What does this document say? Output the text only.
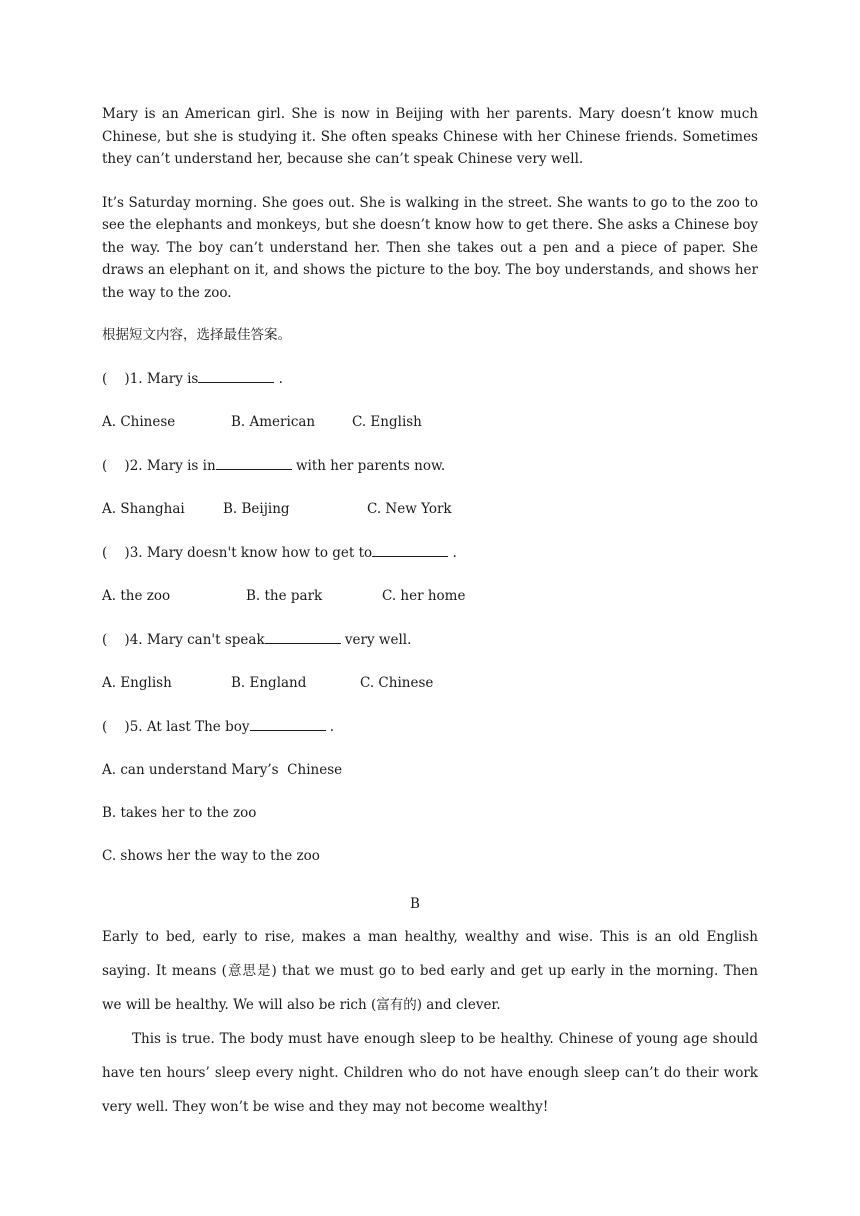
Mary is an American girl. She is now in Beijing with her parents. Mary doesn’t know much Chinese, but she is studying it. She often speaks Chinese with her Chinese friends. Sometimes they can’t understand her, because she can’t speak Chinese very well.

It’s Saturday morning. She goes out. She is walking in the street. She wants to go to the zoo to see the elephants and monkeys, but she doesn’t know how to get there. She asks a Chinese boy the way. The boy can’t understand her. Then she takes out a pen and a piece of paper. She draws an elephant on it, and shows the picture to the boy. The boy understands, and shows her the way to the zoo.

根据短文内容，选择最佳答案。

(    )1. Mary is	.

A. Chinese	B. American	C. English

(    )2. Mary is in	with her parents now.

A. Shanghai	B. Beijing	C. New York

(    )3. Mary doesn't know how to get to	.

A. the zoo	B. the park	C. her home

(    )4. Mary can't speak	very well.

A. English	B. England	C. Chinese

(    )5. At last The boy	.

A. can understand Mary’s  Chinese

B. takes her to the zoo

C. shows her the way to the zoo

B

Early to bed, early to rise, makes a man healthy, wealthy and wise. This is an old English saying. It means (意思是) that we must go to bed early and get up early in the morning. Then we will be healthy. We will also be rich (富有的) and clever.

This is true. The body must have enough sleep to be healthy. Chinese of young age should have ten hours’ sleep every night. Children who do not have enough sleep can’t do their work very well. They won’t be wise and they may not become wealthy!
